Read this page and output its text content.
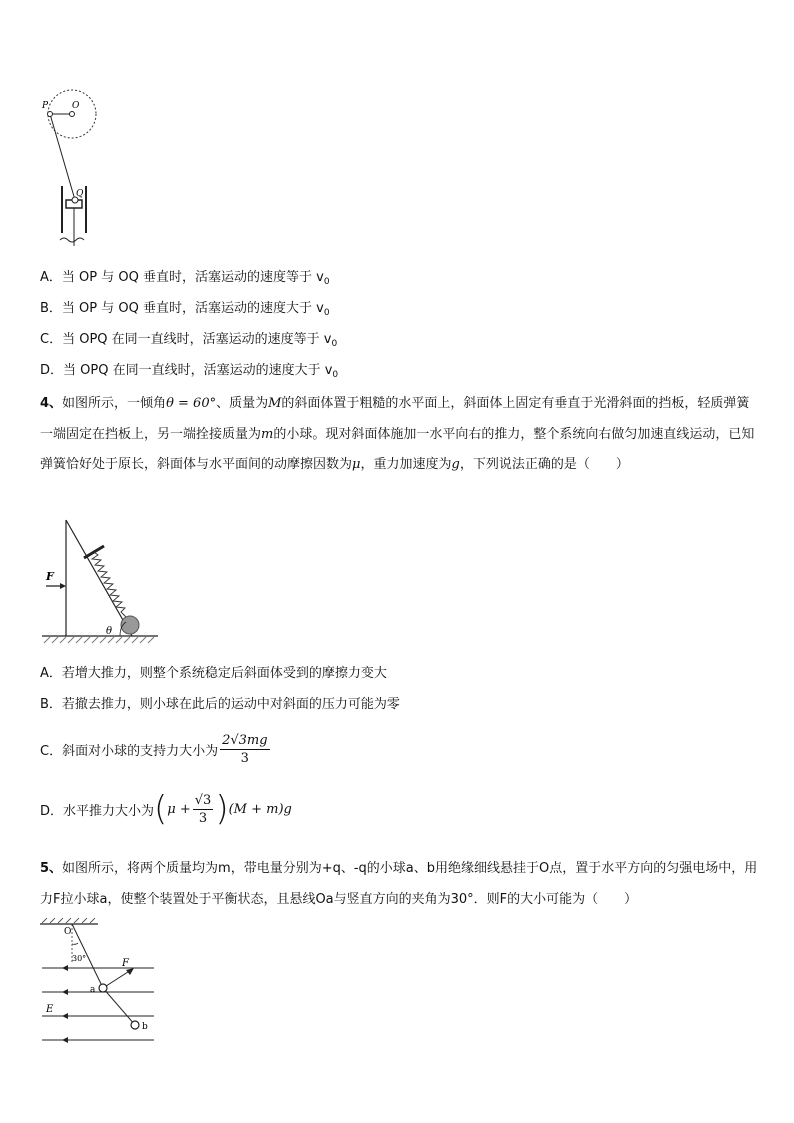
P	O
Q
A．当 OP 与 OQ 垂直时，活塞运动的速度等于 $v_0$
B．当 OP 与 OQ 垂直时，活塞运动的速度大于 $v_0$
C．当 OPQ 在同一直线时，活塞运动的速度等于 $v_0$
D．当 OPQ 在同一直线时，活塞运动的速度大于 $v_0$
4、如图所示，一倾角θ = 60°、质量为M的斜面体置于粗糙的水平面上，斜面体上固定有垂直于光滑斜面的挡板，轻质弹簧一端固定在挡板上，另一端拴接质量为m的小球。现对斜面体施加一水平向右的推力，整个系统向右做匀加速直线运动，已知弹簧恰好处于原长，斜面体与水平面间的动摩擦因数为μ，重力加速度为g，下列说法正确的是（　　）
F
θ
A．若增大推力，则整个系统稳定后斜面体受到的摩擦力变大
B．若撤去推力，则小球在此后的运动中对斜面的压力可能为零
C．斜面对小球的支持力大小为 $\frac{2√3mg}{3}$
D．水平推力大小为 ( $\mu + \frac{√3}{3}$ ) (M + m)g
5、如图所示，将两个质量均为m，带电量分别为+q、-q的小球a、b用绝缘细线悬挂于O点，置于水平方向的匀强电场中，用力F拉小球a，使整个装置处于平衡状态，且悬线Oa与竖直方向的夹角为30°．则F的大小可能为（　　）
O
30°
E
F
a
b
